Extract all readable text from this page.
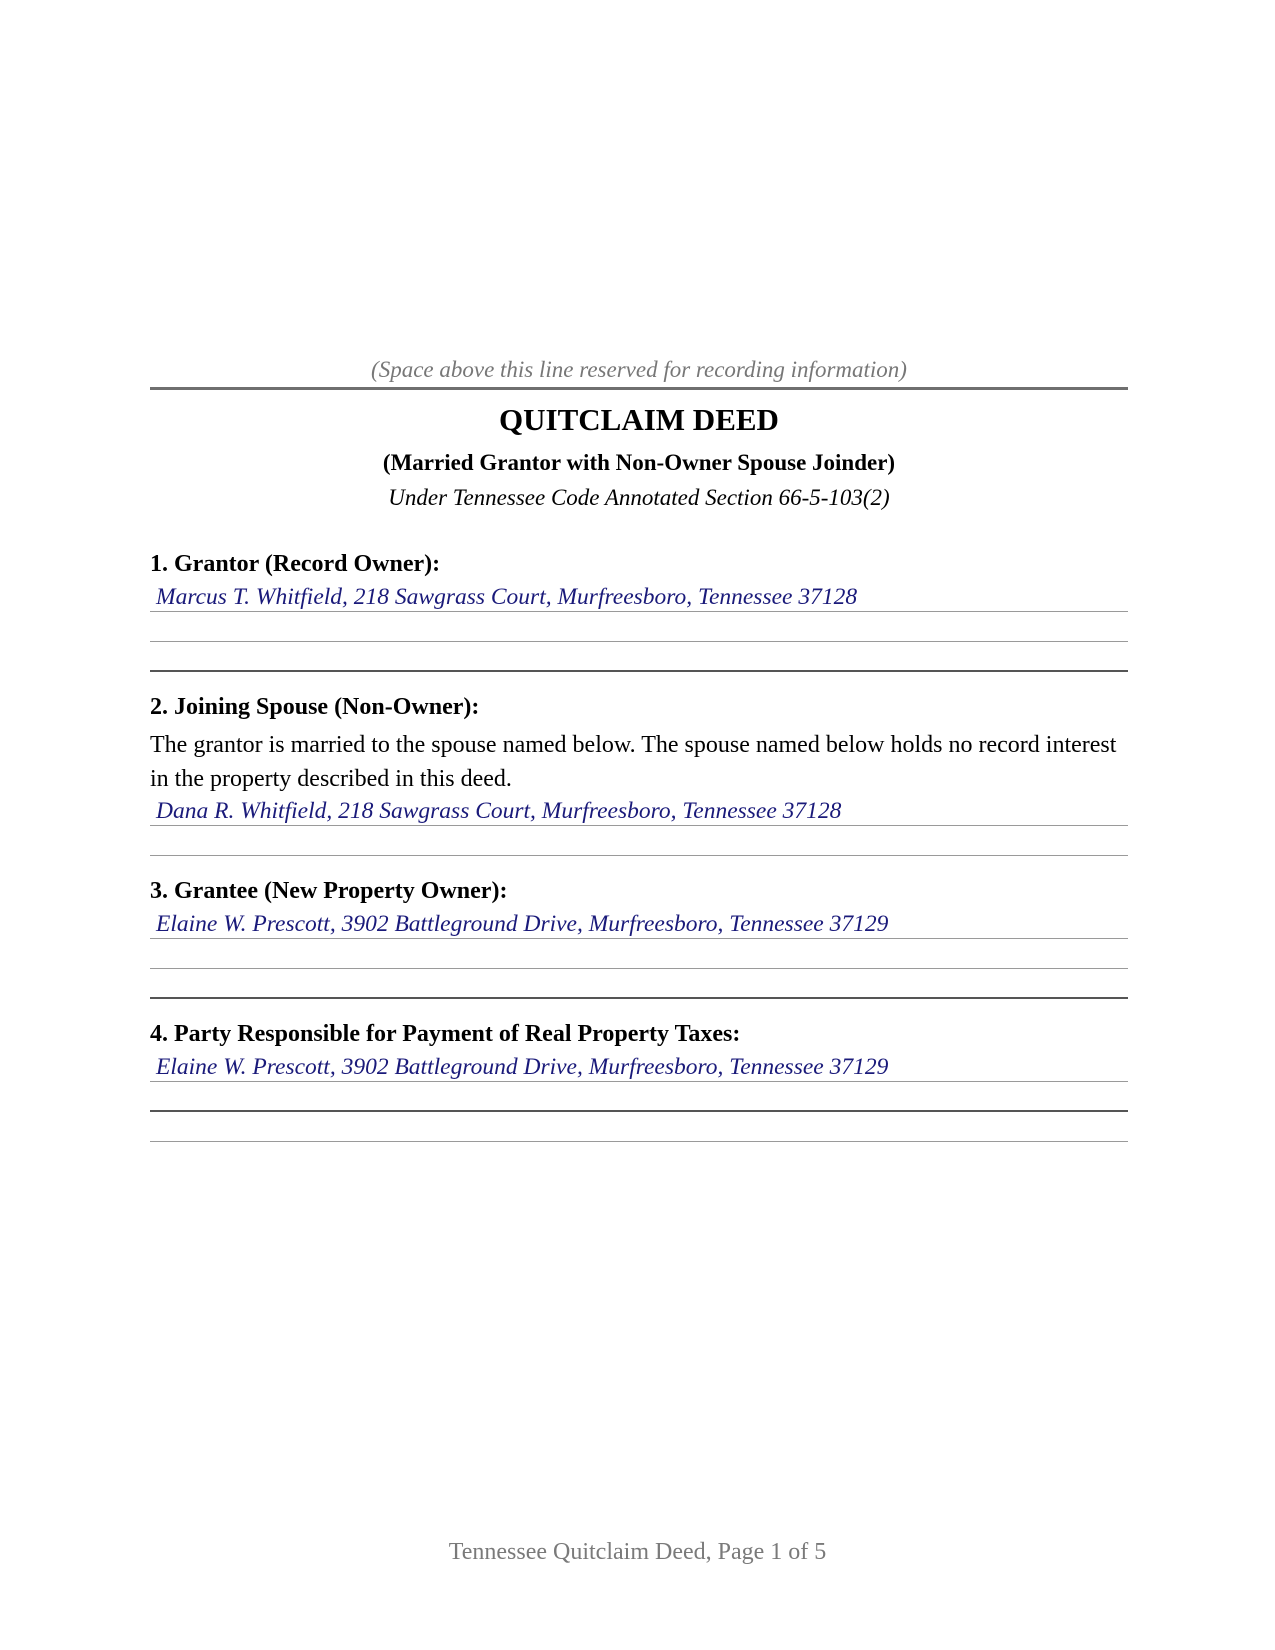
(Space above this line reserved for recording information)
QUITCLAIM DEED
(Married Grantor with Non-Owner Spouse Joinder)
Under Tennessee Code Annotated Section 66-5-103(2)
1. Grantor (Record Owner):
Marcus T. Whitfield, 218 Sawgrass Court, Murfreesboro, Tennessee 37128
2. Joining Spouse (Non-Owner):
The grantor is married to the spouse named below. The spouse named below holds no record interest in the property described in this deed.
Dana R. Whitfield, 218 Sawgrass Court, Murfreesboro, Tennessee 37128
3. Grantee (New Property Owner):
Elaine W. Prescott, 3902 Battleground Drive, Murfreesboro, Tennessee 37129
4. Party Responsible for Payment of Real Property Taxes:
Elaine W. Prescott, 3902 Battleground Drive, Murfreesboro, Tennessee 37129
Tennessee Quitclaim Deed, Page 1 of 5
